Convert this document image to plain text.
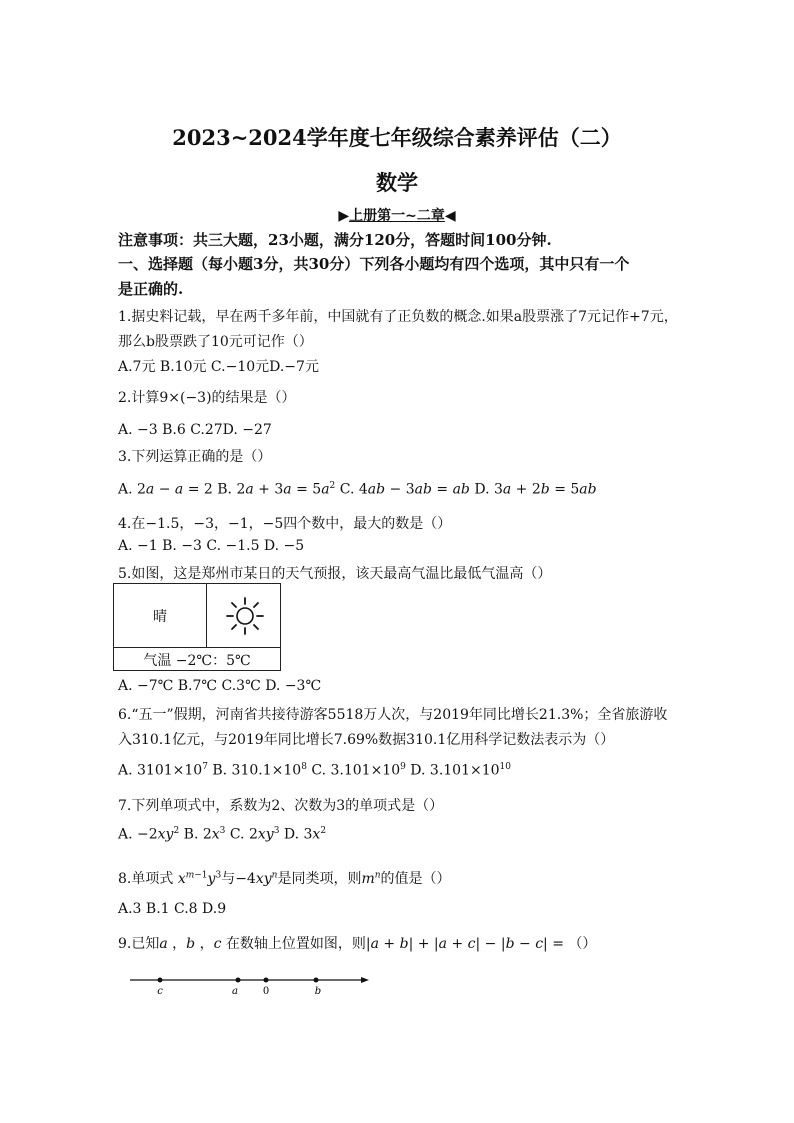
2023~2024学年度七年级综合素养评估（二）
数学
▶上册第一~二章◀
注意事项：共三大题，23小题，满分120分，答题时间100分钟.
一、选择题（每小题3分，共30分）下列各小题均有四个选项，其中只有一个
是正确的.
1.据史料记载，早在两千多年前，中国就有了正负数的概念.如果a股票涨了7元记作+7元，
那么b股票跌了10元可记作（）
A.7元 B.10元 C.−10元D.−7元
2.计算9×(−3)的结果是（）
A. −3 B.6 C.27D. −27
3.下列运算正确的是（）
A. 2a − a = 2 B. $2a + 3a = 5a^2$ C. 4ab − 3ab = ab D. 3a + 2b = 5ab
4.在−1.5，−3，−1，−5四个数中，最大的数是（）
A. −1 B. −3 C. −1.5 D. −5
5.如图，这是郑州市某日的天气预报，该天最高气温比最低气温高（）
晴
气温 −2℃：5℃
A. −7℃ B.7℃ C.3℃ D. −3℃
6.“五一”假期，河南省共接待游客5518万人次，与2019年同比增长21.3%；全省旅游收
入310.1亿元，与2019年同比增长7.69%数据310.1亿用科学记数法表示为（）
A. $3101\times 10^7$ B. $310.1\times 10^8$ C. $3.101\times 10^9$ D. $3.101\times 10^{10}$
7.下列单项式中，系数为2、次数为3的单项式是（）
A. $-2xy^2$ B. $2x^3$ C. $2xy^3$ D. $3x^2$
8.单项式 $x^{m-1}y^3$与$-4xy^n$是同类项，则$m^n$的值是（）
A.3 B.1 C.8 D.9
9.已知a ，b ，c 在数轴上位置如图，则|a + b| + |a + c| − |b − c| = （）
c	a 0	b
